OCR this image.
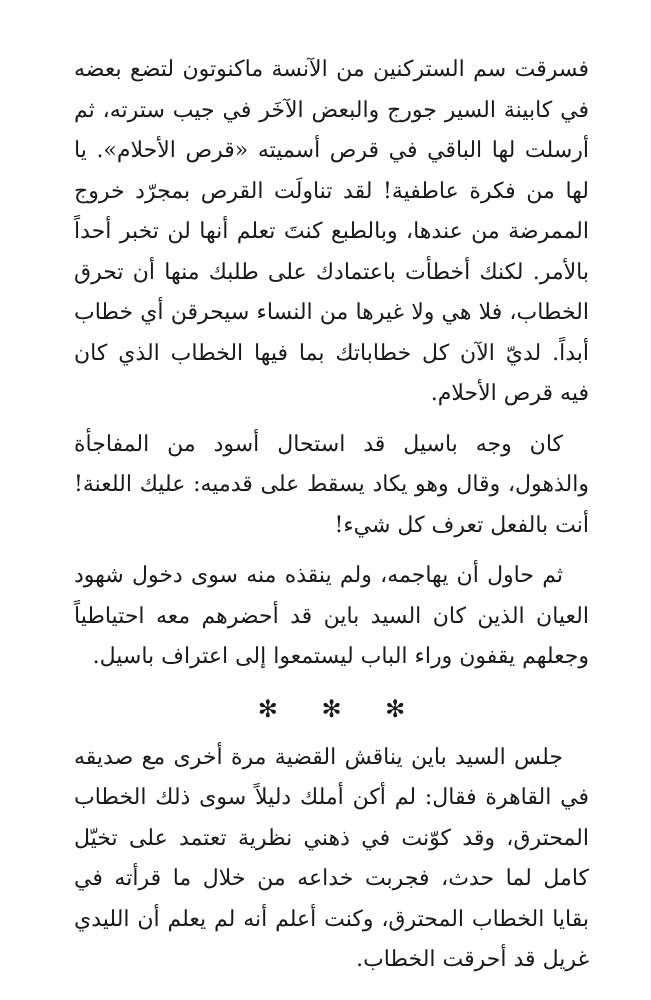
فسرقت سم الستركنين من الآنسة ماكنوتون لتضع بعضه في كابينة السير جورج والبعض الآخَر في جيب سترته، ثم أرسلت لها الباقي في قرص أسميته «قرص الأحلام». يا لها من فكرة عاطفية! لقد تناولَت القرص بمجرّد خروج الممرضة من عندها، وبالطبع كنتَ تعلم أنها لن تخبر أحداً بالأمر. لكنك أخطأت باعتمادك على طلبك منها أن تحرق الخطاب، فلا هي ولا غيرها من النساء سيحرقن أي خطاب أبداً. لديّ الآن كل خطاباتك بما فيها الخطاب الذي كان فيه قرص الأحلام.

كان وجه باسيل قد استحال أسود من المفاجأة والذهول، وقال وهو يكاد يسقط على قدميه: عليك اللعنة! أنت بالفعل تعرف كل شيء!

ثم حاول أن يهاجمه، ولم ينقذه منه سوى دخول شهود العيان الذين كان السيد باين قد أحضرهم معه احتياطياً وجعلهم يقفون وراء الباب ليستمعوا إلى اعتراف باسيل.

✻ ✻ ✻

جلس السيد باين يناقش القضية مرة أخرى مع صديقه في القاهرة فقال: لم أكن أملك دليلاً سوى ذلك الخطاب المحترق، وقد كوّنت في ذهني نظرية تعتمد على تخيّل كامل لما حدث، فجربت خداعه من خلال ما قرأته في بقايا الخطاب المحترق، وكنت أعلم أنه لم يعلم أن الليدي غريل قد أحرقت الخطاب.
